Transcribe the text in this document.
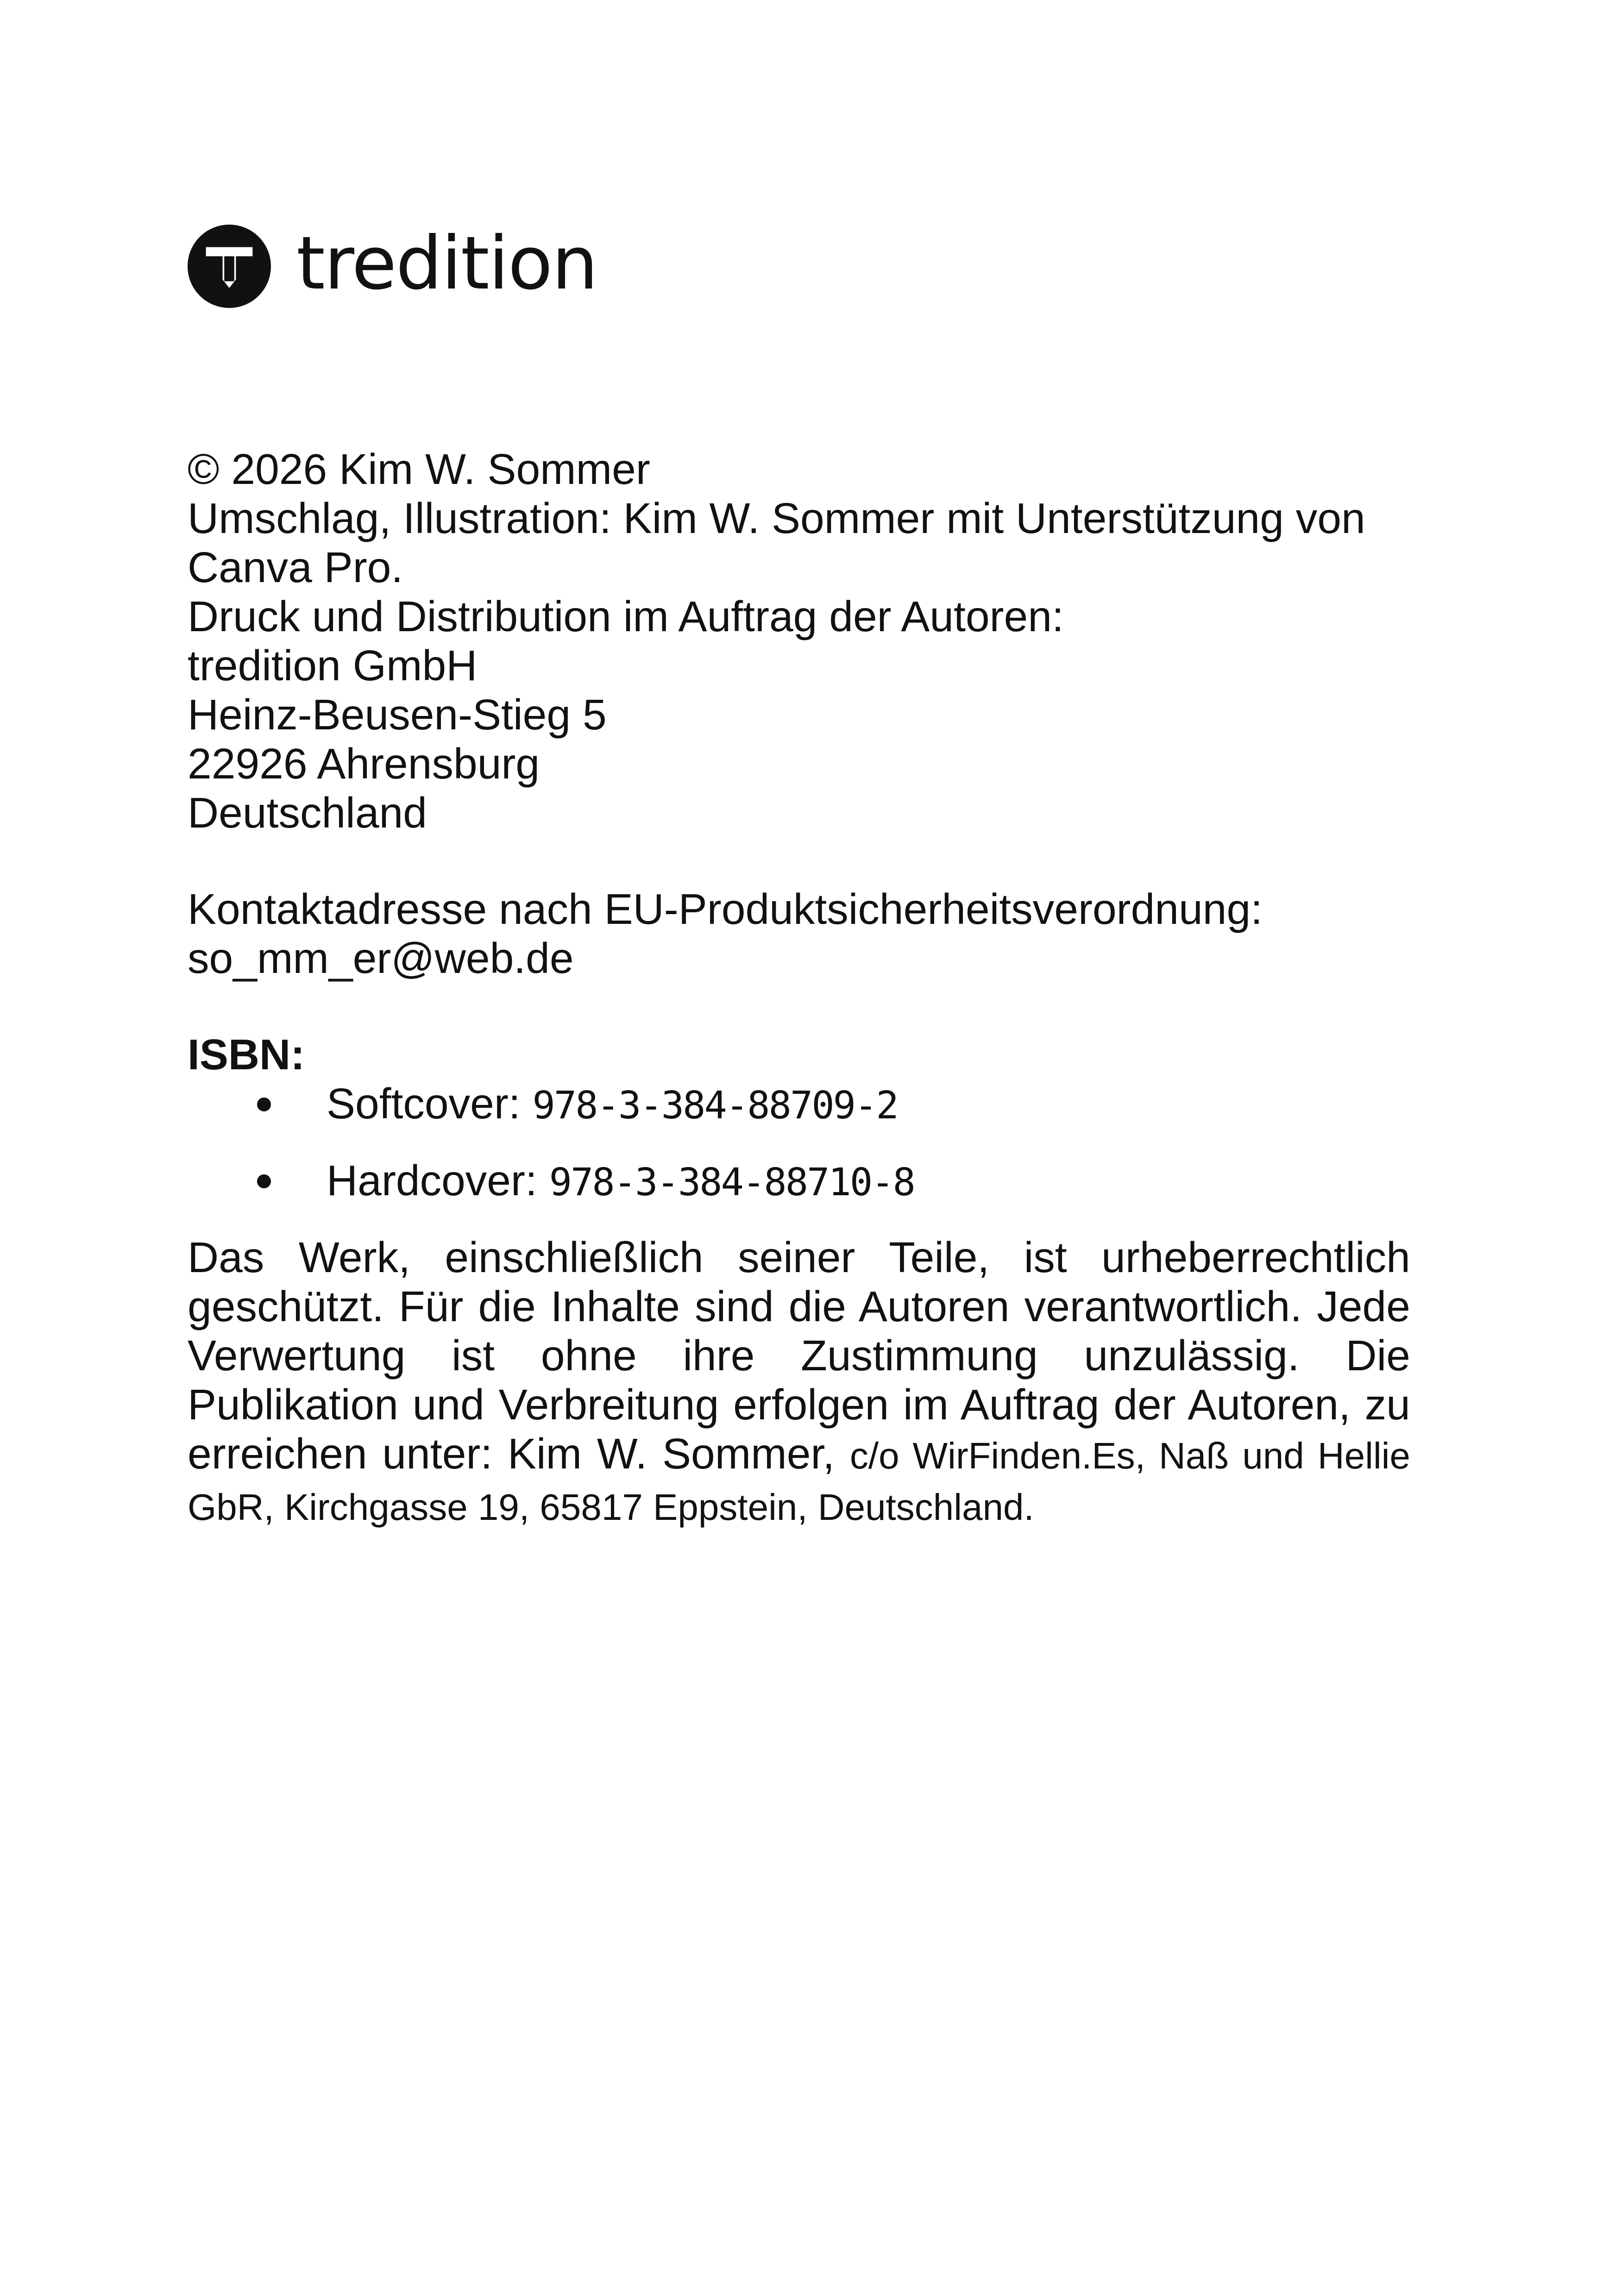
tredition

© 2026 Kim W. Sommer

Umschlag, Illustration: Kim W. Sommer mit Unterstützung von Canva Pro.

Druck und Distribution im Auftrag der Autoren:

tredition GmbH

Heinz-Beusen-Stieg 5

22926 Ahrensburg

Deutschland

Kontaktadresse nach EU-Produktsicherheitsverordnung:

so_mm_er@web.de

ISBN:

Softcover: 978-3-384-88709-2
Hardcover: 978-3-384-88710-8

Das Werk, einschließlich seiner Teile, ist urheberrechtlich geschützt. Für die Inhalte sind die Autoren verantwortlich. Jede Verwertung ist ohne ihre Zustimmung unzulässig. Die Publikation und Verbreitung erfolgen im Auftrag der Autoren, zu erreichen unter: Kim W. Sommer, c/o WirFinden.Es, Naß und Hellie GbR, Kirchgasse 19, 65817 Eppstein, Deutschland.
